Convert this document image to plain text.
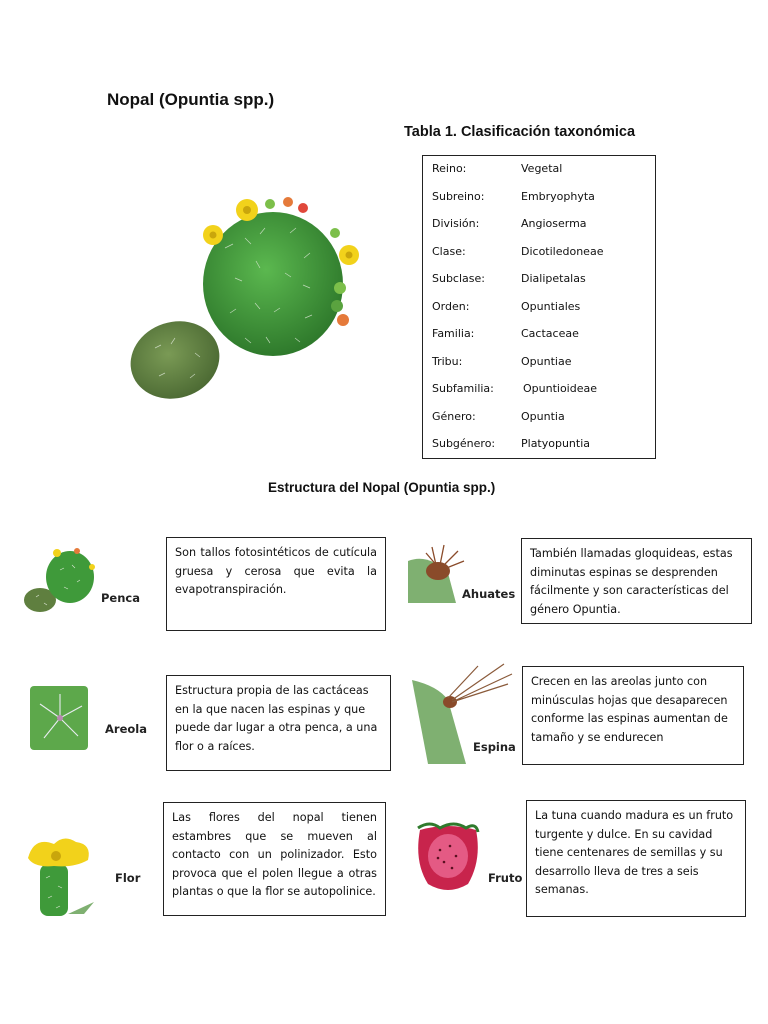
Nopal (Opuntia spp.)
Tabla 1. Clasificación taxonómica
Reino:	Vegetal
Subreino:	Embryophyta
División:	Angioserma
Clase:	Dicotiledoneae
Subclase:	Dialipetalas
Orden:	Opuntiales
Familia:	Cactaceae
Tribu:	Opuntiae
Subfamilia:	Opuntioideae
Género:	Opuntia
Subgénero: Platyopuntia
Estructura del Nopal (Opuntia spp.)
Penca
Son tallos fotosintéticos de cutícula gruesa y cerosa que evita la evapotranspiración.	Ahuates
También llamadas gloquideas, estas diminutas espinas se desprenden fácilmente y son características del género Opuntia.
Areola
Estructura propia de las cactáceas en la que nacen las espinas y que puede dar lugar a otra penca, a una flor o a raíces.	Espina
Crecen en las areolas junto con minúsculas hojas que desaparecen conforme las espinas aumentan de tamaño y se endurecen
Flor
Las flores del nopal tienen estambres que se mueven al contacto con un polinizador. Esto provoca que el polen llegue a otras plantas o que la flor se autopolinice.
Fruto
La tuna cuando madura es un fruto turgente y dulce. En su cavidad tiene centenares de semillas y su desarrollo lleva de tres a seis semanas.
